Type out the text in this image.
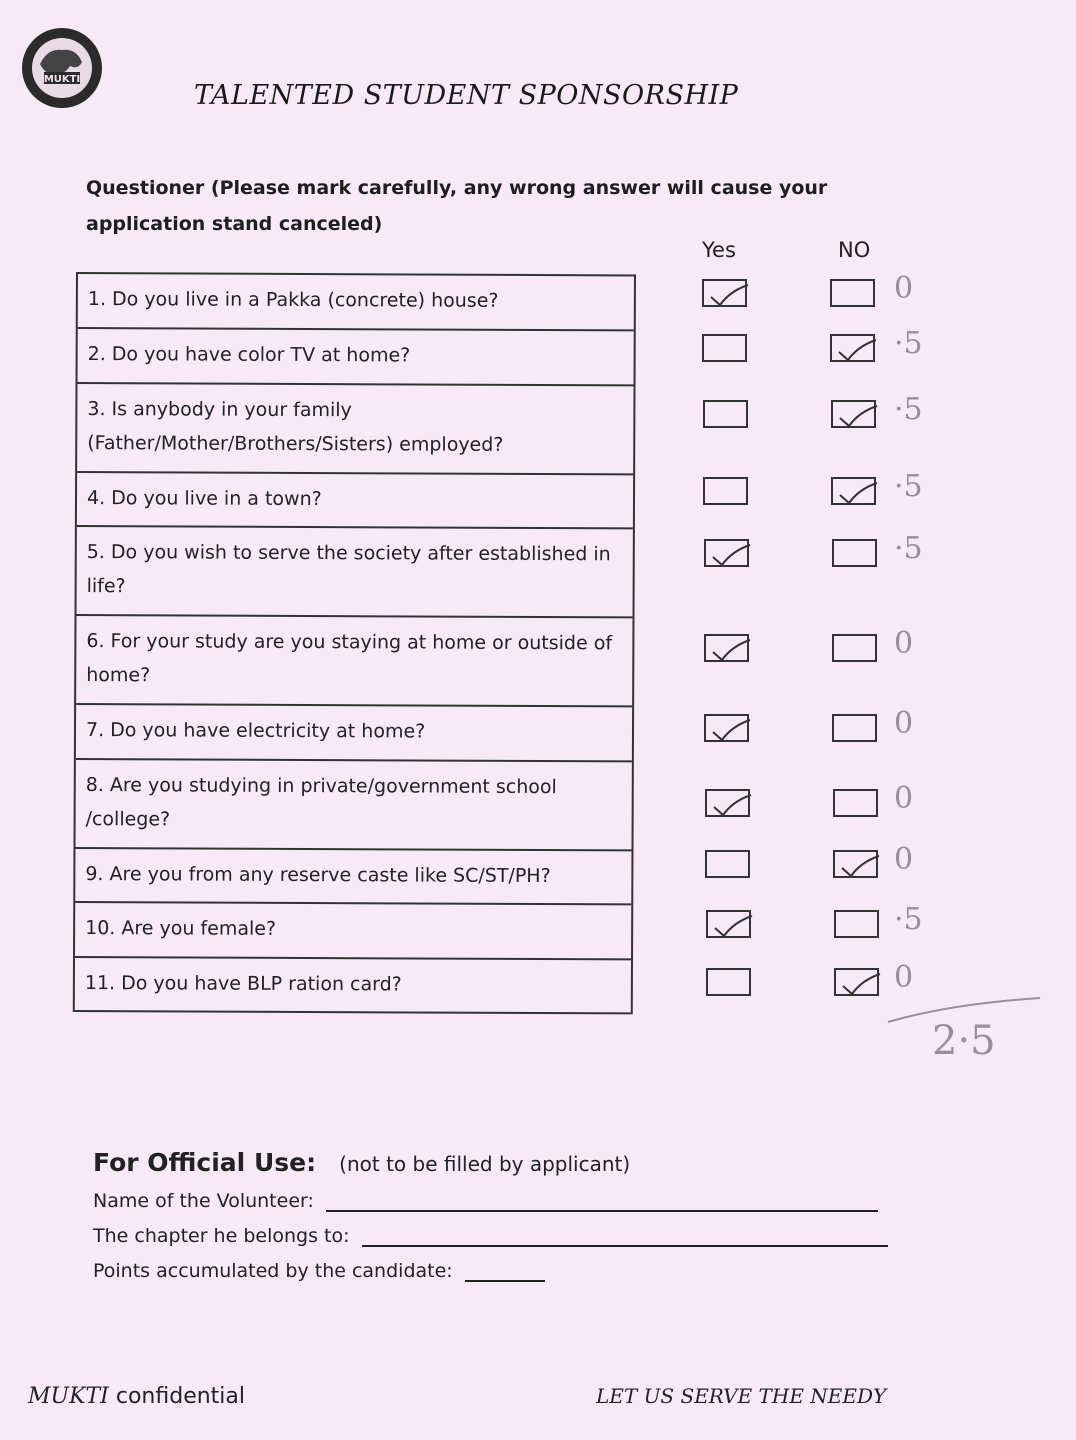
MUKTI
TALENTED STUDENT SPONSORSHIP
Questioner (Please mark carefully, any wrong answer will cause your application stand canceled)
Yes	NO
1. Do you live in a Pakka (concrete) house?
2. Do you have color TV at home?
3. Is anybody in your family (Father/Mother/Brothers/Sisters) employed?
4. Do you live in a town?
5. Do you wish to serve the society after established in life?
6. For your study are you staying at home or outside of home?
7. Do you have electricity at home?
8. Are you studying in private/government school /college?
9. Are you from any reserve caste like SC/ST/PH?
10. Are you female?
11. Do you have BLP ration card?
0
·5
·5
·5
·5
0
0
0
0
·5
0
2·5
For Official Use: (not to be filled by applicant)
Name of the Volunteer:
The chapter he belongs to:
Points accumulated by the candidate:
MUKTI confidential	LET US SERVE THE NEEDY
